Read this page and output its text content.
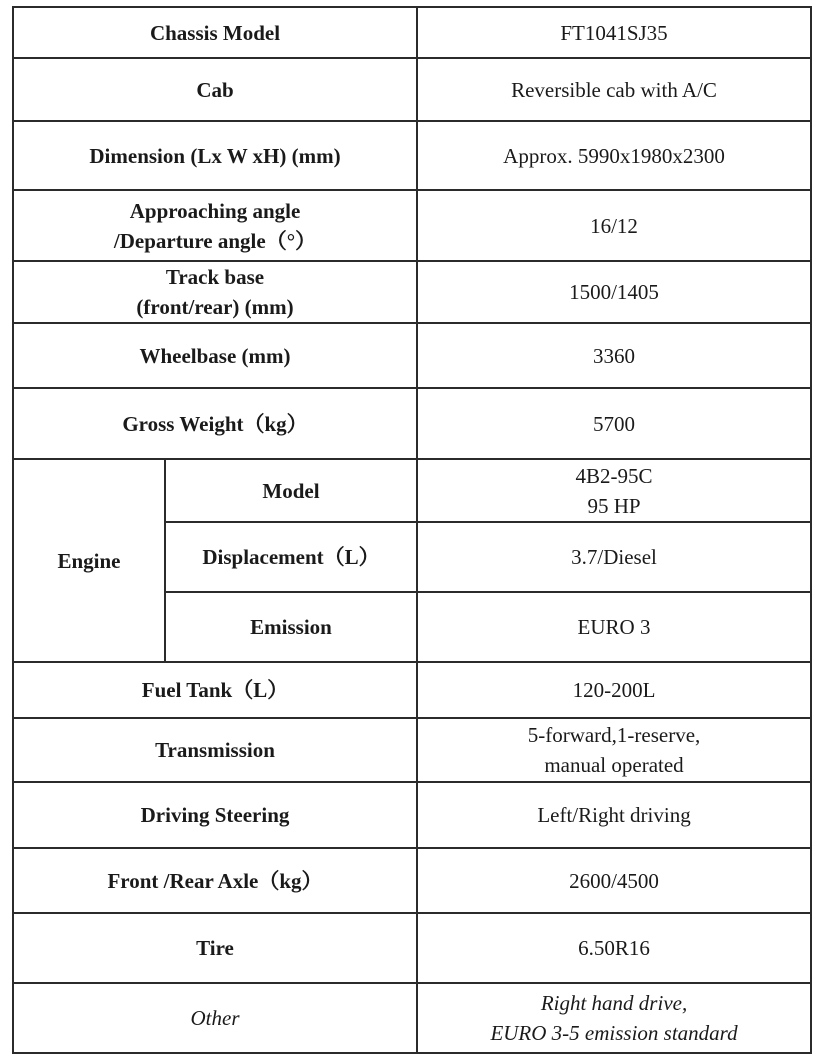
Chassis Model		FT1041SJ35
Cab		Reversible cab with A/C
Dimension (Lx W xH) (mm)		Approx. 5990x1980x2300

Approaching angle
/Departure angle（°）		16/12

Track base
(front/rear) (mm)		1500/1405
Wheelbase (mm)		3360
Gross Weight（kg）		5700
Engine	Model	4B2-95C
95 HP

	Displacement（L）	3.7/Diesel
	Emission	EURO 3
Fuel Tank（L）		120-200L
Transmission		5-forward,1-reserve,
manual operated

Driving Steering		Left/Right driving
Front /Rear Axle（kg）		2600/4500
Tire		6.50R16
Other		Right hand drive,
EURO 3-5 emission standard
